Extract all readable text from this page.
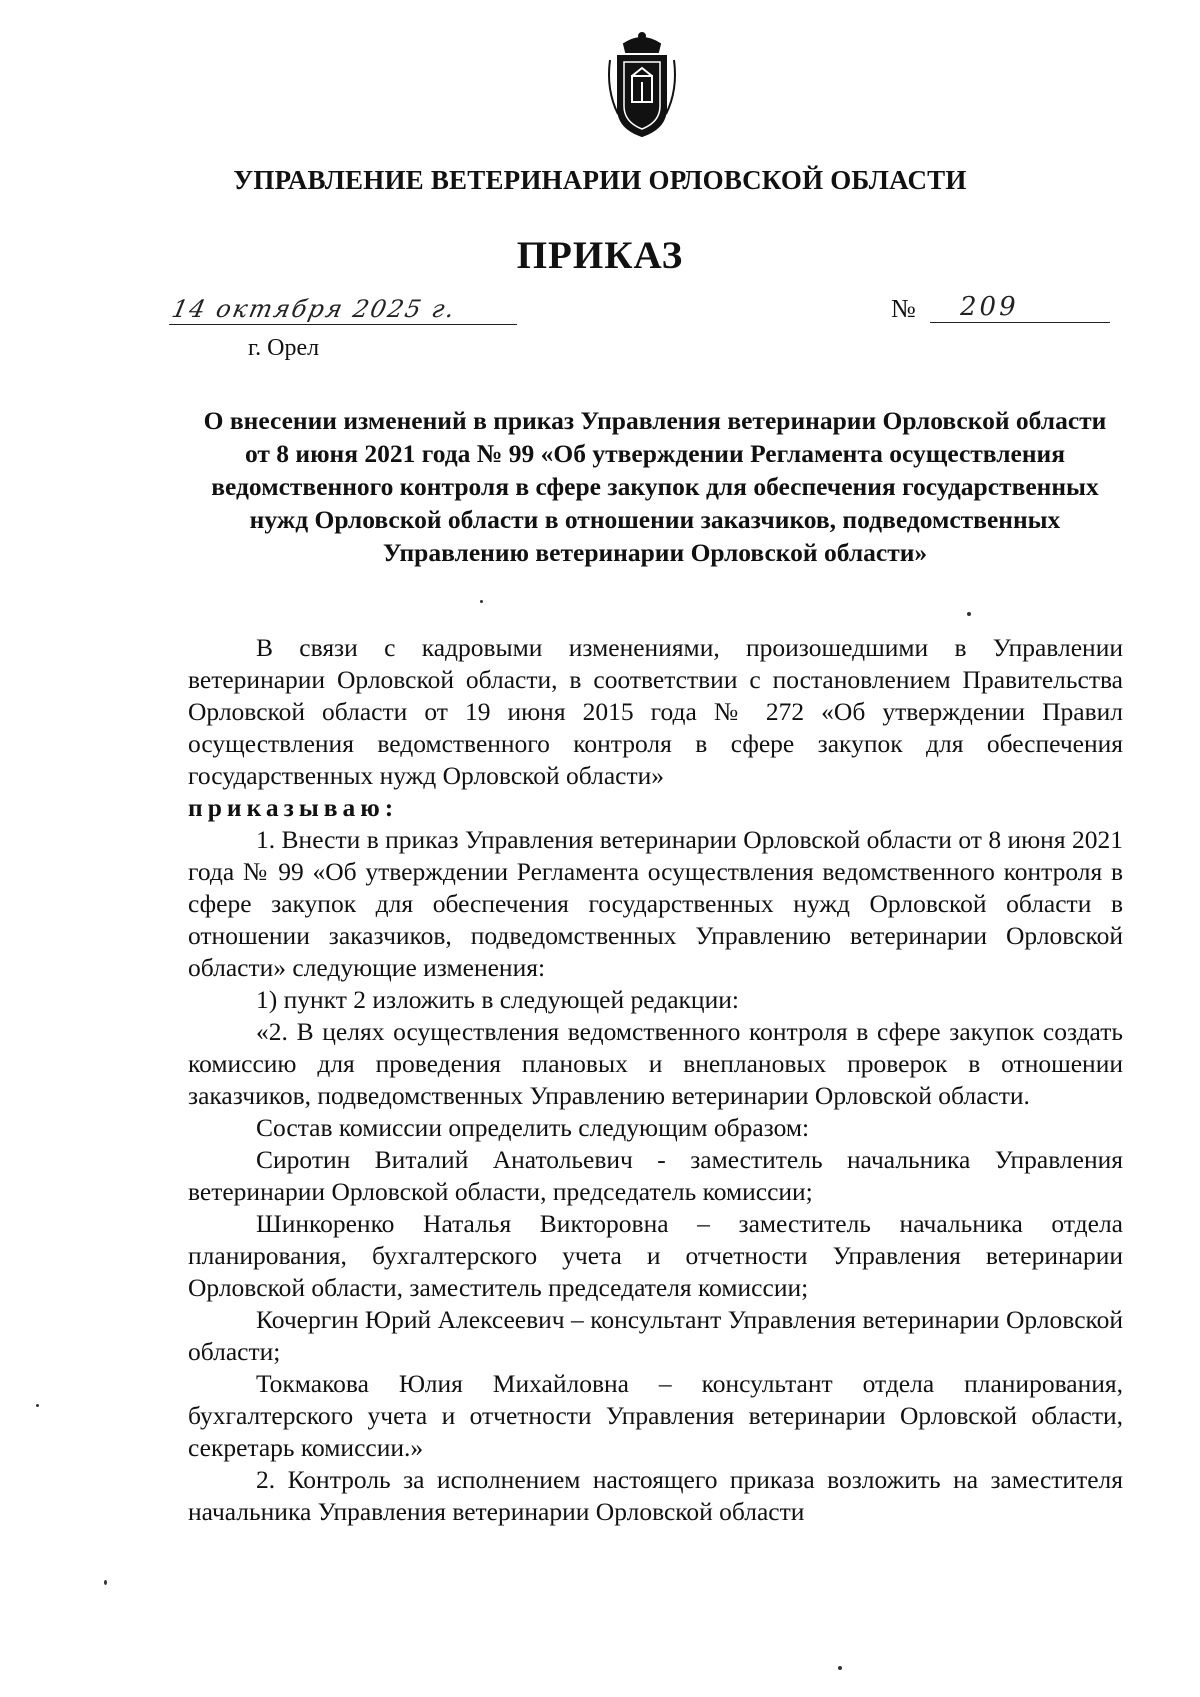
УПРАВЛЕНИЕ ВЕТЕРИНАРИИ ОРЛОВСКОЙ ОБЛАСТИ
ПРИКАЗ
14 октября 2025 г.
г. Орел
№	209
О внесении изменений в приказ Управления ветеринарии Орловской области от 8 июня 2021 года № 99 «Об утверждении Регламента осуществления ведомственного контроля в сфере закупок для обеспечения государственных нужд Орловской области в отношении заказчиков, подведомственных Управлению ветеринарии Орловской области»

В связи с кадровыми изменениями, произошедшими в Управлении ветеринарии Орловской области, в соответствии с постановлением Правительства Орловской области от 19 июня 2015 года № 272 «Об утверждении Правил осуществления ведомственного контроля в сфере закупок для обеспечения государственных нужд Орловской области»

приказываю:

1. Внести в приказ Управления ветеринарии Орловской области от 8 июня 2021 года № 99 «Об утверждении Регламента осуществления ведомственного контроля в сфере закупок для обеспечения государственных нужд Орловской области в отношении заказчиков, подведомственных Управлению ветеринарии Орловской области» следующие изменения:

1) пункт 2 изложить в следующей редакции:

«2. В целях осуществления ведомственного контроля в сфере закупок создать комиссию для проведения плановых и внеплановых проверок в отношении заказчиков, подведомственных Управлению ветеринарии Орловской области.

Состав комиссии определить следующим образом:

Сиротин Виталий Анатольевич - заместитель начальника Управления ветеринарии Орловской области, председатель комиссии;

Шинкоренко Наталья Викторовна – заместитель начальника отдела планирования, бухгалтерского учета и отчетности Управления ветеринарии Орловской области, заместитель председателя комиссии;

Кочергин Юрий Алексеевич – консультант Управления ветеринарии Орловской области;

Токмакова Юлия Михайловна – консультант отдела планирования, бухгалтерского учета и отчетности Управления ветеринарии Орловской области, секретарь комиссии.»

2. Контроль за исполнением настоящего приказа возложить на заместителя начальника Управления ветеринарии Орловской области
